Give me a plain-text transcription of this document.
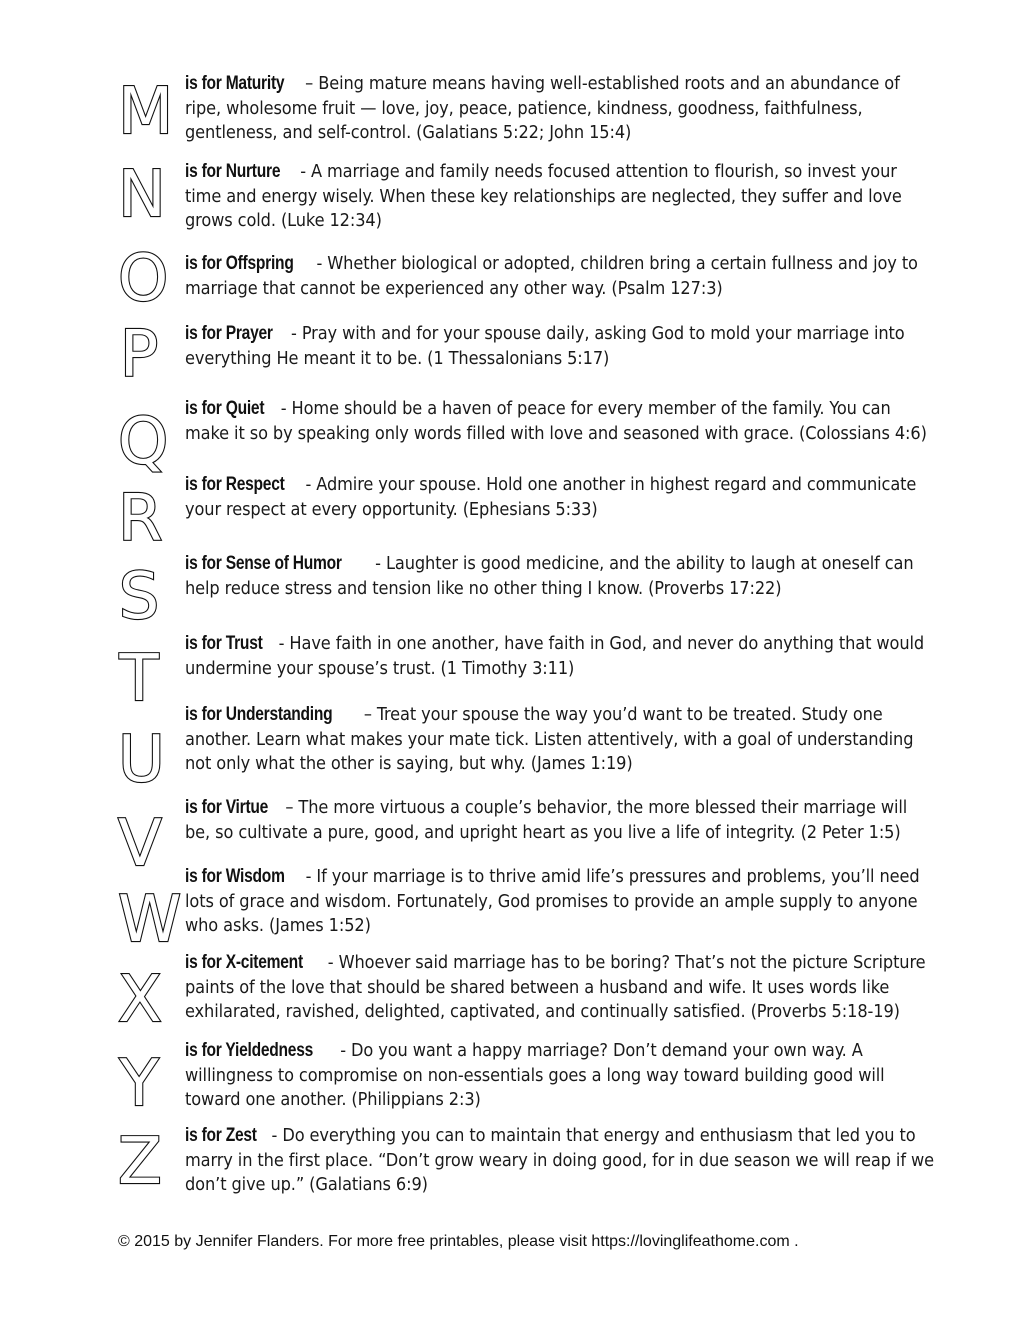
M is for Maturity – Being mature means having well-established roots and an abundance of ripe, wholesome fruit — love, joy, peace, patience, kindness, goodness, faithfulness, gentleness, and self-control. (Galatians 5:22; John 15:4)
N is for Nurture - A marriage and family needs focused attention to flourish, so invest your time and energy wisely. When these key relationships are neglected, they suffer and love grows cold. (Luke 12:34)
O is for Offspring - Whether biological or adopted, children bring a certain fullness and joy to marriage that cannot be experienced any other way. (Psalm 127:3)
P is for Prayer - Pray with and for your spouse daily, asking God to mold your marriage into everything He meant it to be. (1 Thessalonians 5:17)
Q is for Quiet - Home should be a haven of peace for every member of the family. You can make it so by speaking only words filled with love and seasoned with grace. (Colossians 4:6)
R is for Respect - Admire your spouse. Hold one another in highest regard and communicate your respect at every opportunity. (Ephesians 5:33)
S is for Sense of Humor - Laughter is good medicine, and the ability to laugh at oneself can help reduce stress and tension like no other thing I know. (Proverbs 17:22)
T is for Trust - Have faith in one another, have faith in God, and never do anything that would undermine your spouse’s trust. (1 Timothy 3:11)
U
is for Understanding – Treat your spouse the way you’d want to be treated. Study one another. Learn what makes your mate tick. Listen attentively, with a goal of understanding not only what the other is saying, but why. (James 1:19)
V is for Virtue – The more virtuous a couple’s behavior, the more blessed their marriage will be, so cultivate a pure, good, and upright heart as you live a life of integrity. (2 Peter 1:5)
W
is for Wisdom - If your marriage is to thrive amid life’s pressures and problems, you’ll need lots of grace and wisdom. Fortunately, God promises to provide an ample supply to anyone who asks. (James 1:52)
X
is for X-citement - Whoever said marriage has to be boring? That’s not the picture Scripture paints of the love that should be shared between a husband and wife. It uses words like exhilarated, ravished, delighted, captivated, and continually satisfied. (Proverbs 5:18-19)
Y is for Yieldedness - Do you want a happy marriage? Don’t demand your own way. A willingness to compromise on non-essentials goes a long way toward building good will toward one another. (Philippians 2:3)
Z is for Zest - Do everything you can to maintain that energy and enthusiasm that led you to marry in the first place. “Don’t grow weary in doing good, for in due season we will reap if we don’t give up.” (Galatians 6:9)
© 2015 by Jennifer Flanders. For more free printables, please visit https://lovinglifeathome.com .
